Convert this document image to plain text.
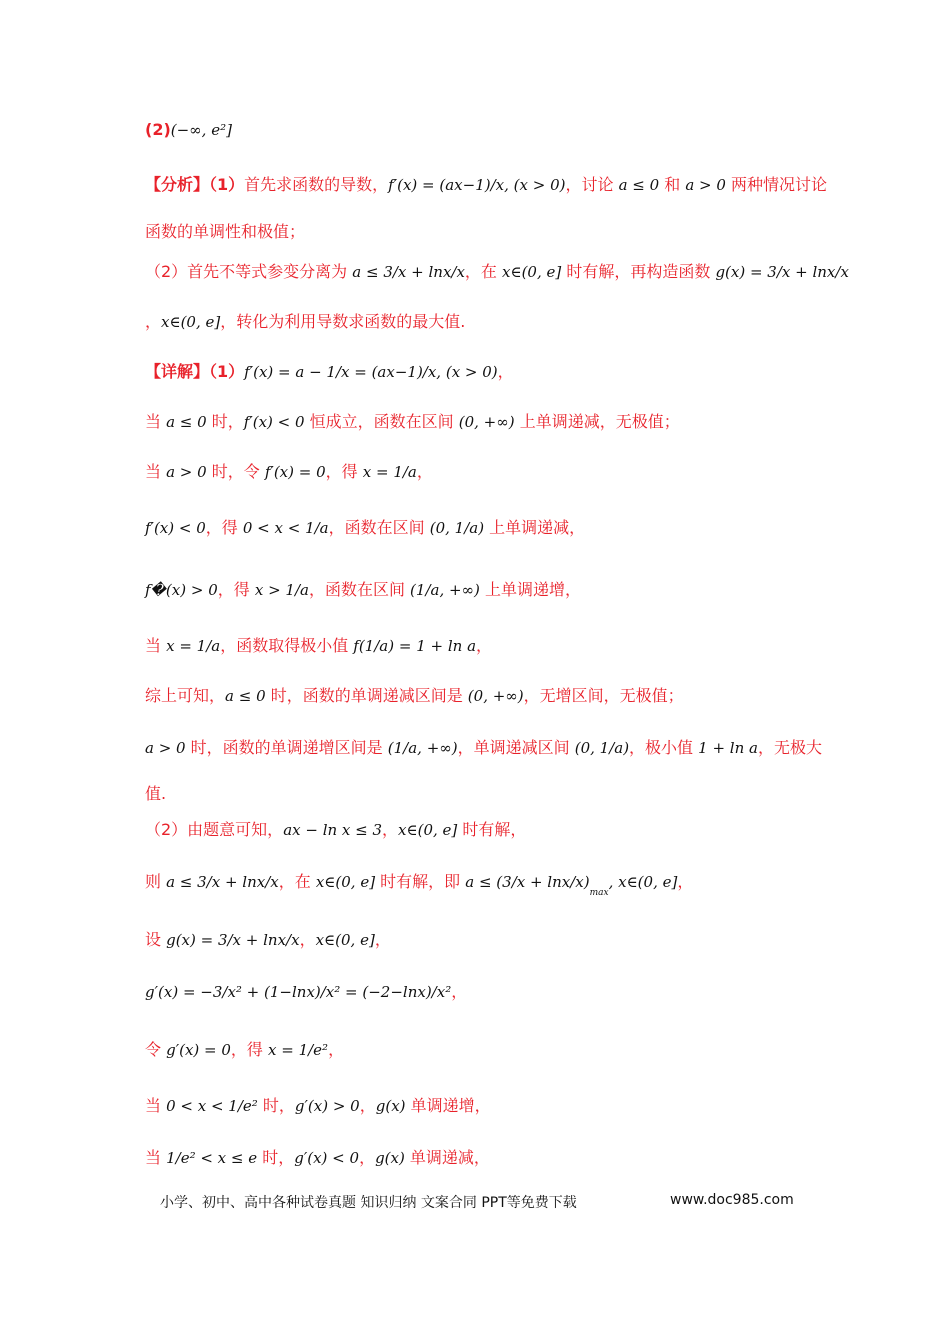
(2)(−∞, e²]
【分析】（1）首先求函数的导数，f′(x) = (ax−1)/x, (x > 0)，讨论 a ≤ 0 和 a > 0 两种情况讨论
函数的单调性和极值；
（2）首先不等式参变分离为 a ≤ 3/x + lnx/x，在 x∈(0, e] 时有解，再构造函数 g(x) = 3/x + lnx/x
，x∈(0, e]，转化为利用导数求函数的最大值.
【详解】（1）f′(x) = a − 1/x = (ax−1)/x, (x > 0)，
当 a ≤ 0 时，f′(x) < 0 恒成立，函数在区间 (0, +∞) 上单调递减，无极值；
当 a > 0 时，令 f′(x) = 0，得 x = 1/a，
f′(x) < 0，得 0 < x < 1/a，函数在区间 (0, 1/a) 上单调递减，
f�(x) > 0，得 x > 1/a，函数在区间 (1/a, +∞) 上单调递增，
当 x = 1/a，函数取得极小值 f(1/a) = 1 + ln a，
综上可知，a ≤ 0 时，函数的单调递减区间是 (0, +∞)，无增区间，无极值；
a > 0 时，函数的单调递增区间是 (1/a, +∞)，单调递减区间 (0, 1/a)，极小值 1 + ln a，无极大
值.
（2）由题意可知，ax − ln x ≤ 3，x∈(0, e] 时有解，
则 a ≤ 3/x + lnx/x，在 x∈(0, e] 时有解，即 a ≤ (3/x + lnx/$x)_{max}$, x∈(0, e]，
设 g(x) = 3/x + lnx/x，x∈(0, e]，
g′(x) = −3/x² + (1−lnx)/x² = (−2−lnx)/x²，
令 g′(x) = 0，得 x = 1/e²，
当 0 < x < 1/e² 时，g′(x) > 0，g(x) 单调递增，
当 1/e² < x ≤ e 时，g′(x) < 0，g(x) 单调递减，
小学、初中、高中各种试卷真题 知识归纳 文案合同 PPT等免费下载	www.doc985.com
